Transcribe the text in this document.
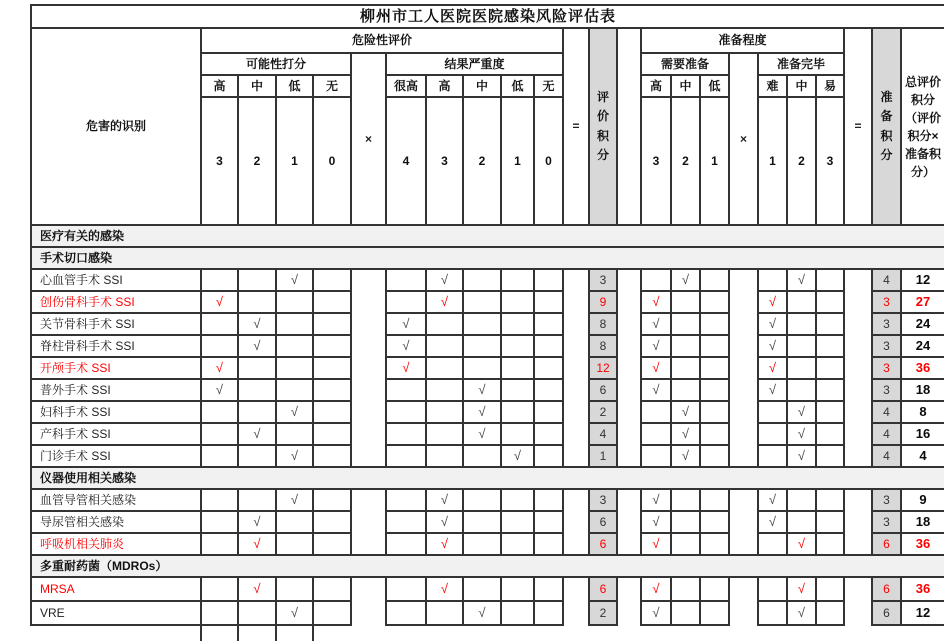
柳州市工人医院医院感染风险评估表																							
危害的识别	危险性评价										=	评价积分		准备程度							=	准备积分	总评价积分（评价积分×准备积分）

	可能性打分				×	结果严重度								需要准备			×	准备完毕					
	高	中	低	无		很高	高	中	低	无				高	中	低		难	中	易			
	3	2	1	0		4	3	2	1	0				3	2	1		1	2	3			
医疗有关的感染																							
手术切口感染																							
心血管手术 SSI			√				√					3			√				√			4	12
创伤骨科手术 SSI	√						√					9		√				√				3	27
关节骨科手术 SSI		√				√						8		√				√				3	24
脊柱骨科手术 SSI		√				√						8		√				√				3	24
开颅手术 SSI	√					√						12		√				√				3	36
普外手术 SSI	√							√				6		√				√				3	18
妇科手术 SSI			√					√				2			√				√			4	8
产科手术 SSI		√						√				4			√				√			4	16
门诊手术 SSI			√						√			1			√				√			4	4
仪器使用相关感染																							
血管导管相关感染			√				√					3		√				√				3	9
导尿管相关感染		√					√					6		√				√				3	18
呼吸机相关肺炎		√					√					6		√					√			6	36
多重耐药菌（MDROs）																							
MRSA		√					√					6		√					√			6	36
VRE			√					√				2		√					√			6	12
